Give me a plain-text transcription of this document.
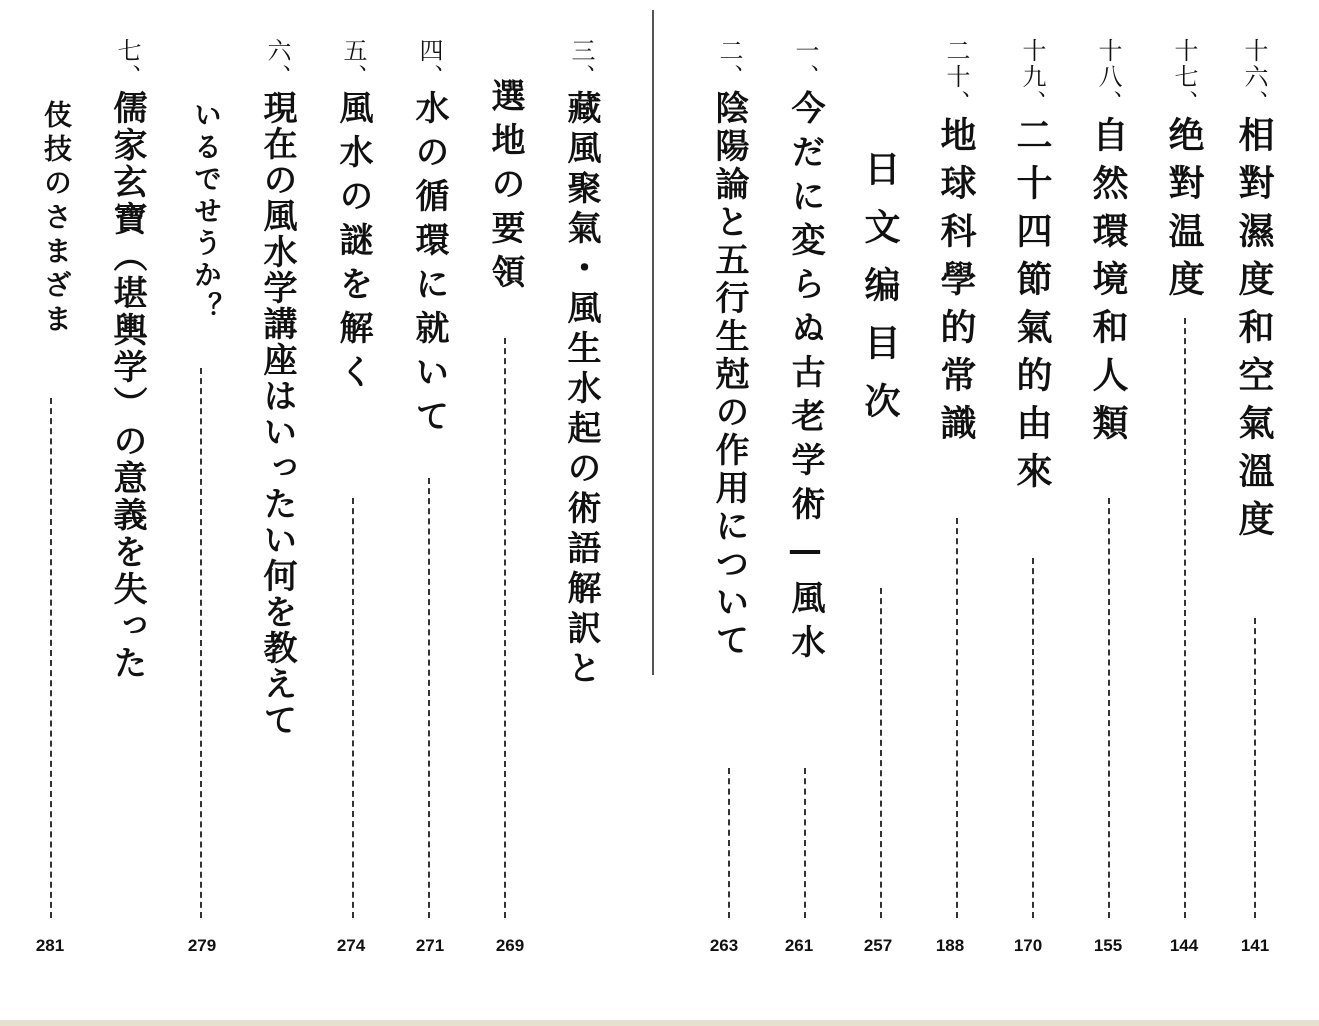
十六、相對濕度和空氣溫度
141
十七、绝對温度
144
十八、自然環境和人類
155
十九、二十四節氣的由來
170
二十、地球科學的常識
188
日文编目次
257
一、今だに変らぬ古老学術—風水
261
二、陰陽論と五行生尅の作用について
263
三、藏風聚氣・風生水起の術語解訳と
選地の要領
269
四、水の循環に就いて
271
五、風水の謎を解く
274
六、現在の風水学講座はいったい何を教えて
いるでせうか？
279
七、儒家玄寶（堪輿学）の意義を失った
伎技のさまざま
281
